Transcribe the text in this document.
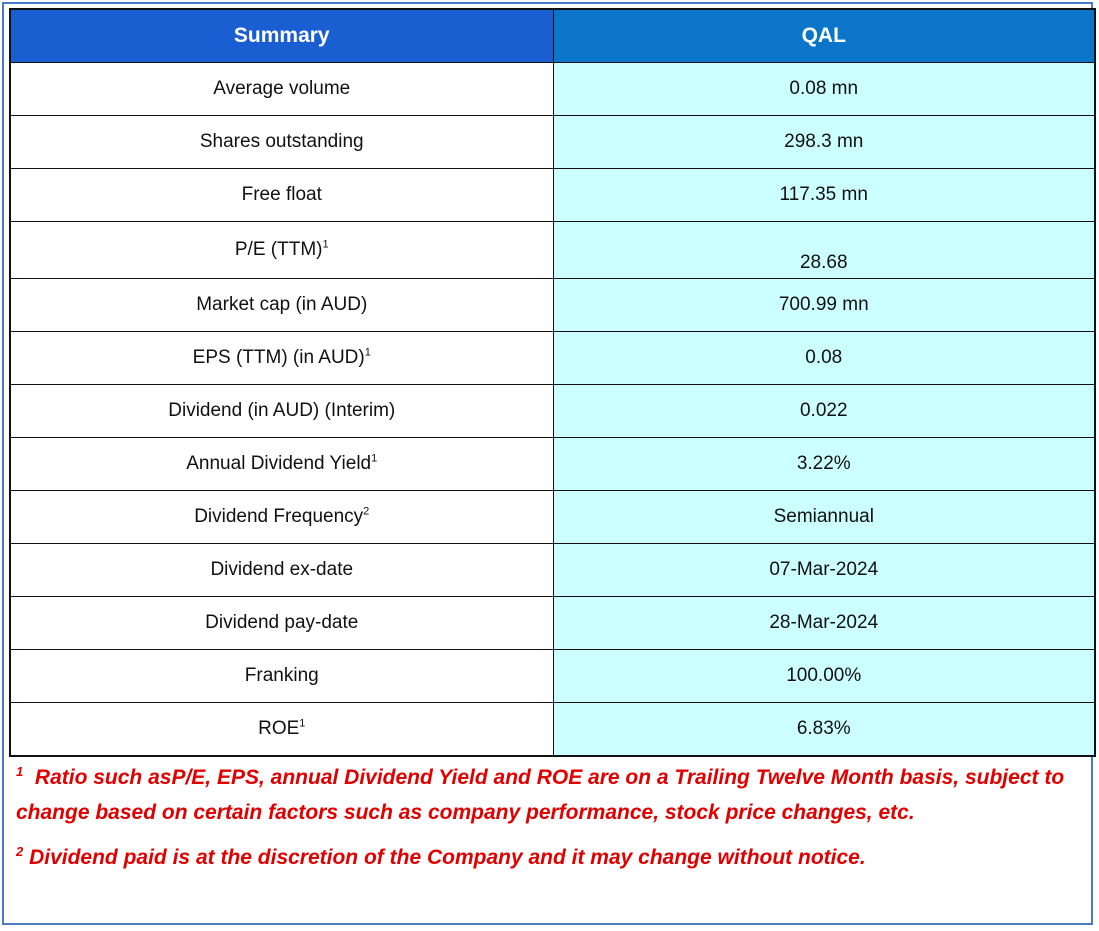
Summary	QAL
Average volume	0.08 mn
Shares outstanding	298.3 mn
Free float	117.35 mn
P/E (TTM)$^1$	28.68
Market cap (in AUD)	700.99 mn
EPS (TTM) (in AUD)$^1$	0.08
Dividend (in AUD) (Interim)	0.022
Annual Dividend Yield$^1$	3.22%
Dividend Frequency$^2$	Semiannual
Dividend ex-date	07-Mar-2024
Dividend pay-date	28-Mar-2024
Franking	100.00%
ROE$^1$	6.83%

$^1$ Ratio such asP/E, EPS, annual Dividend Yield and ROE are on a Trailing Twelve Month basis, subject to change based on certain factors such as company performance, stock price changes, etc.

$^2$ Dividend paid is at the discretion of the Company and it may change without notice.
